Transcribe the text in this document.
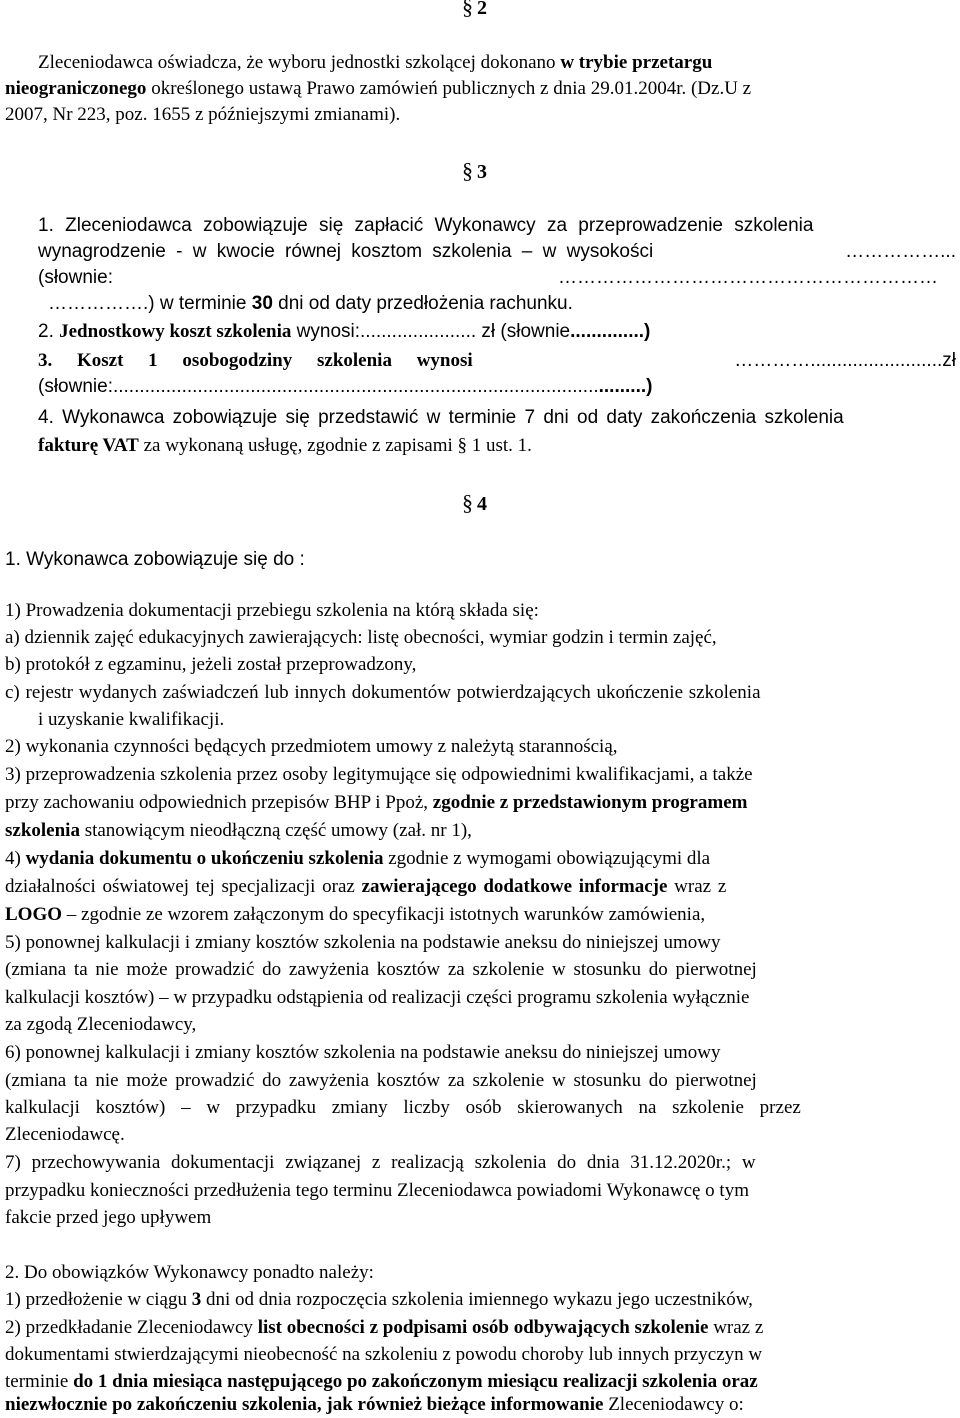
§ 2
Zleceniodawca oświadcza, że wyboru jednostki szkolącej dokonano w trybie przetargu
nieograniczonego określonego ustawą Prawo zamówień publicznych z dnia 29.01.2004r. (Dz.U z
2007, Nr 223, poz. 1655 z późniejszymi zmianami).
§ 3
1. Zleceniodawca zobowiązuje się zapłacić Wykonawcy za przeprowadzenie szkolenia
wynagrodzenie - w kwocie równej kosztom szkolenia – w wysokości	……………...
(słownie:	……………………………………………………
…………….) w terminie 30 dni od daty przedłożenia rachunku.
2. Jednostkowy koszt szkolenia wynosi:...................... zł (słownie..............)
3. Koszt 1 osobogodziny szkolenia wynosi	………….........................zł
(słownie:.....................................................................................................)
4. Wykonawca zobowiązuje się przedstawić w terminie 7 dni od daty zakończenia szkolenia
fakturę VAT za wykonaną usługę, zgodnie z zapisami § 1 ust. 1.
§ 4
1. Wykonawca zobowiązuje się do :
1) Prowadzenia dokumentacji przebiegu szkolenia na którą składa się:
a) dziennik zajęć edukacyjnych zawierających: listę obecności, wymiar godzin i termin zajęć,
b) protokół z egzaminu, jeżeli został przeprowadzony,
c) rejestr wydanych zaświadczeń lub innych dokumentów potwierdzających ukończenie szkolenia
i uzyskanie kwalifikacji.
2) wykonania czynności będących przedmiotem umowy z należytą starannością,
3) przeprowadzenia szkolenia przez osoby legitymujące się odpowiednimi kwalifikacjami, a także
przy zachowaniu odpowiednich przepisów BHP i Ppoż, zgodnie z przedstawionym programem
szkolenia stanowiącym nieodłączną część umowy (zał. nr 1),
4) wydania dokumentu o ukończeniu szkolenia zgodnie z wymogami obowiązującymi dla
działalności oświatowej tej specjalizacji oraz zawierającego dodatkowe informacje wraz z
LOGO – zgodnie ze wzorem załączonym do specyfikacji istotnych warunków zamówienia,
5) ponownej kalkulacji i zmiany kosztów szkolenia na podstawie aneksu do niniejszej umowy
(zmiana ta nie może prowadzić do zawyżenia kosztów za szkolenie w stosunku do pierwotnej
kalkulacji kosztów) – w przypadku odstąpienia od realizacji części programu szkolenia wyłącznie
za zgodą Zleceniodawcy,
6) ponownej kalkulacji i zmiany kosztów szkolenia na podstawie aneksu do niniejszej umowy
(zmiana ta nie może prowadzić do zawyżenia kosztów za szkolenie w stosunku do pierwotnej
kalkulacji kosztów) – w przypadku zmiany liczby osób skierowanych na szkolenie przez
Zleceniodawcę.
7) przechowywania dokumentacji związanej z realizacją szkolenia do dnia 31.12.2020r.; w
przypadku konieczności przedłużenia tego terminu Zleceniodawca powiadomi Wykonawcę o tym
fakcie przed jego upływem
2. Do obowiązków Wykonawcy ponadto należy:
1) przedłożenie w ciągu 3 dni od dnia rozpoczęcia szkolenia imiennego wykazu jego uczestników,
2) przedkładanie Zleceniodawcy list obecności z podpisami osób odbywających szkolenie wraz z
dokumentami stwierdzającymi nieobecność na szkoleniu z powodu choroby lub innych przyczyn w
terminie do 1 dnia miesiąca następującego po zakończonym miesiącu realizacji szkolenia oraz
niezwłocznie po zakończeniu szkolenia, jak również bieżące informowanie Zleceniodawcy o:
